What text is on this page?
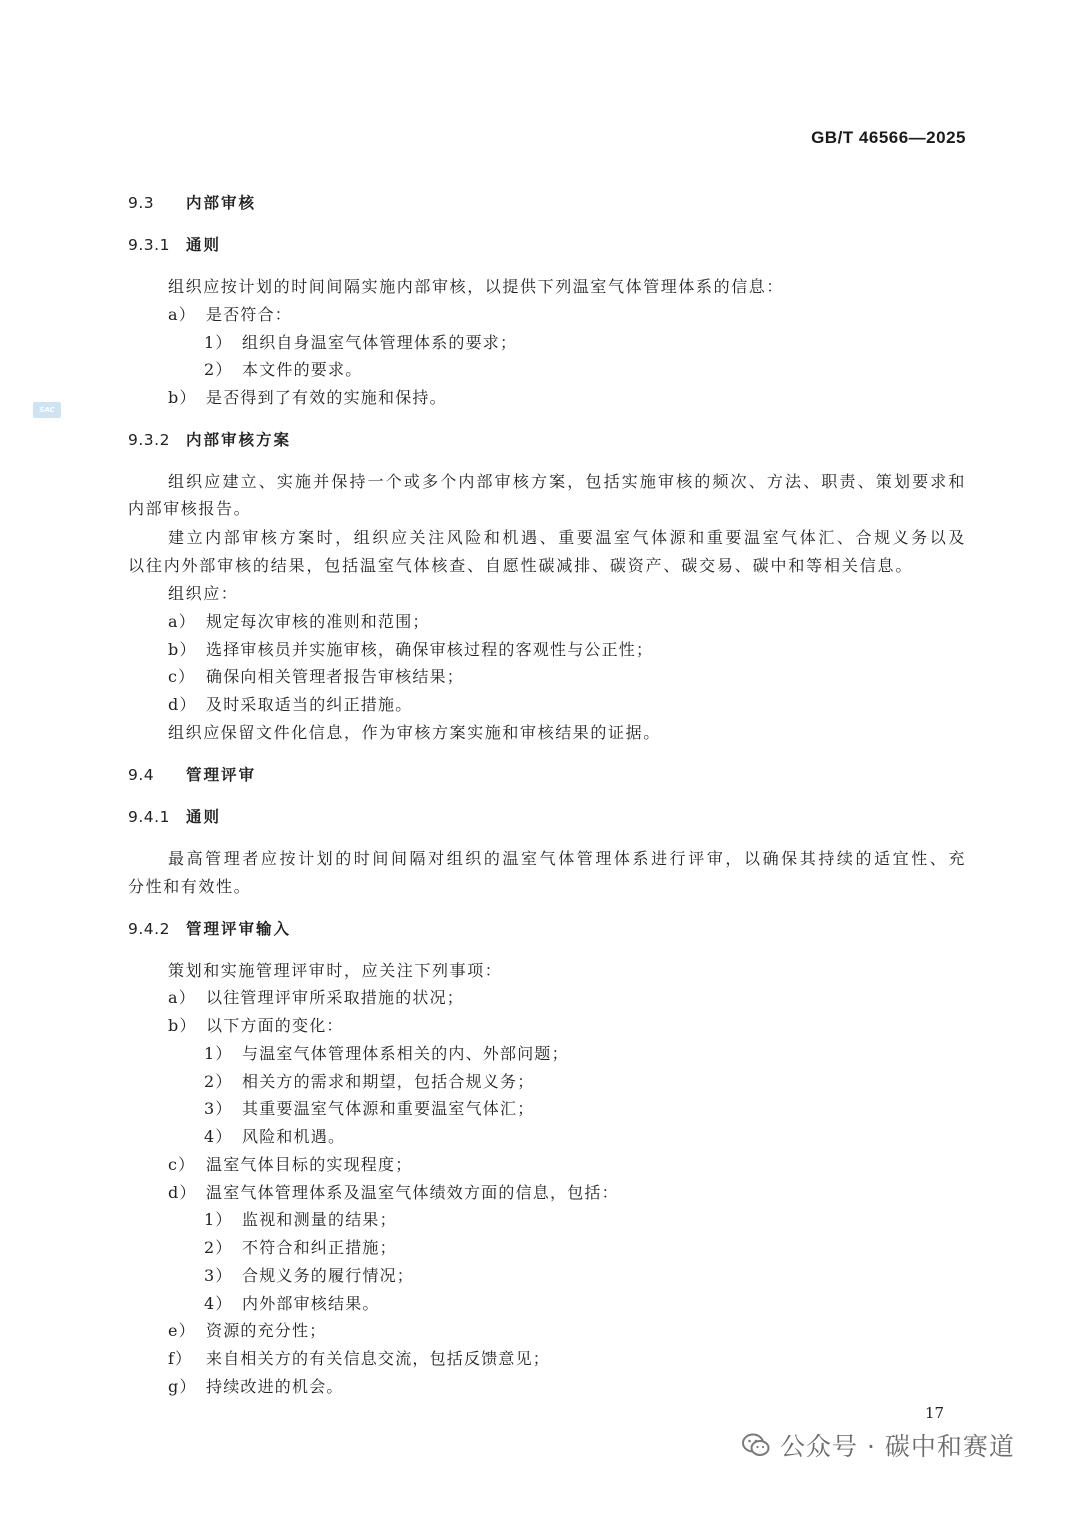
GB/T 46566—2025
SAC
9.3 内部审核
9.3.1 通则
组织应按计划的时间间隔实施内部审核，以提供下列温室气体管理体系的信息：
a） 是否符合：
1） 组织自身温室气体管理体系的要求；
2） 本文件的要求。
b） 是否得到了有效的实施和保持。
9.3.2 内部审核方案
组织应建立、实施并保持一个或多个内部审核方案，包括实施审核的频次、方法、职责、策划要求和
内部审核报告。
建立内部审核方案时，组织应关注风险和机遇、重要温室气体源和重要温室气体汇、合规义务以及
以往内外部审核的结果，包括温室气体核查、自愿性碳减排、碳资产、碳交易、碳中和等相关信息。
组织应：
a） 规定每次审核的准则和范围；
b） 选择审核员并实施审核，确保审核过程的客观性与公正性；
c） 确保向相关管理者报告审核结果；
d） 及时采取适当的纠正措施。
组织应保留文件化信息，作为审核方案实施和审核结果的证据。
9.4 管理评审
9.4.1 通则
最高管理者应按计划的时间间隔对组织的温室气体管理体系进行评审，以确保其持续的适宜性、充
分性和有效性。
9.4.2 管理评审输入
策划和实施管理评审时，应关注下列事项：
a） 以往管理评审所采取措施的状况；
b） 以下方面的变化：
1） 与温室气体管理体系相关的内、外部问题；
2） 相关方的需求和期望，包括合规义务；
3） 其重要温室气体源和重要温室气体汇；
4） 风险和机遇。
c） 温室气体目标的实现程度；
d） 温室气体管理体系及温室气体绩效方面的信息，包括：
1） 监视和测量的结果；
2） 不符合和纠正措施；
3） 合规义务的履行情况；
4） 内外部审核结果。
e） 资源的充分性；
f） 来自相关方的有关信息交流，包括反馈意见；
g） 持续改进的机会。
17
公众号 · 碳中和赛道
